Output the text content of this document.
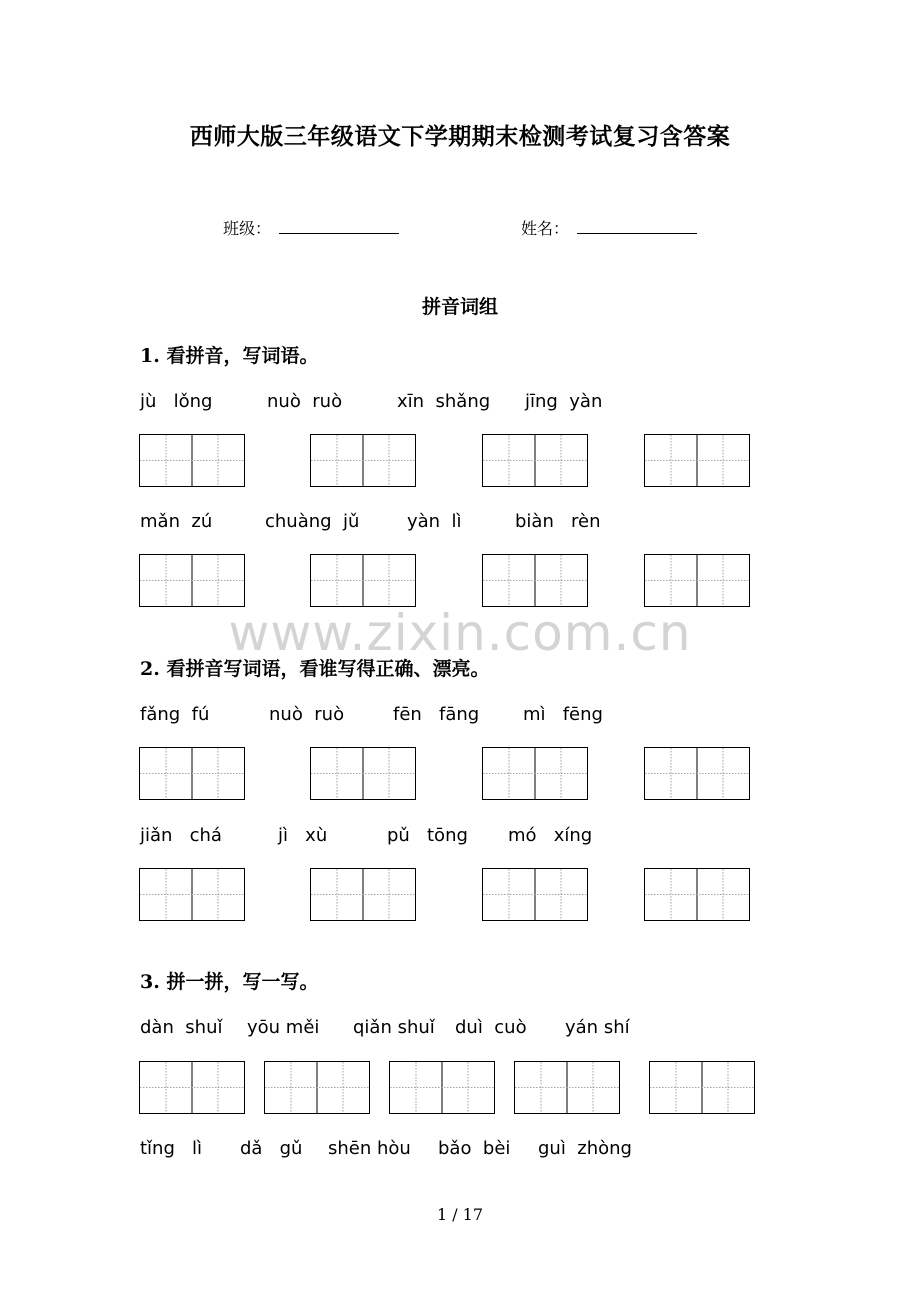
西师大版三年级语文下学期期末检测考试复习含答案
班级：	姓名：
拼音词组
1. 看拼音，写词语。
jù   lǒng	nuò  ruò	xīn  shǎng jīng  yàn
mǎn  zú	chuàng  jǔ	yàn  lì	biàn   rèn
www.zixin.com.cn
2. 看拼音写词语，看谁写得正确、漂亮。
fǎng  fú	nuò  ruò	fēn   fāng mì   fēng
jiǎn   chá	jì   xù	pǔ   tōng mó   xíng
3. 拼一拼，写一写。
dàn  shuǐ yōu měi qiǎn shuǐ duì  cuò yán shí
tǐng   lì dǎ   gǔ shēn hòu bǎo  bèi guì  zhòng
1 / 17
